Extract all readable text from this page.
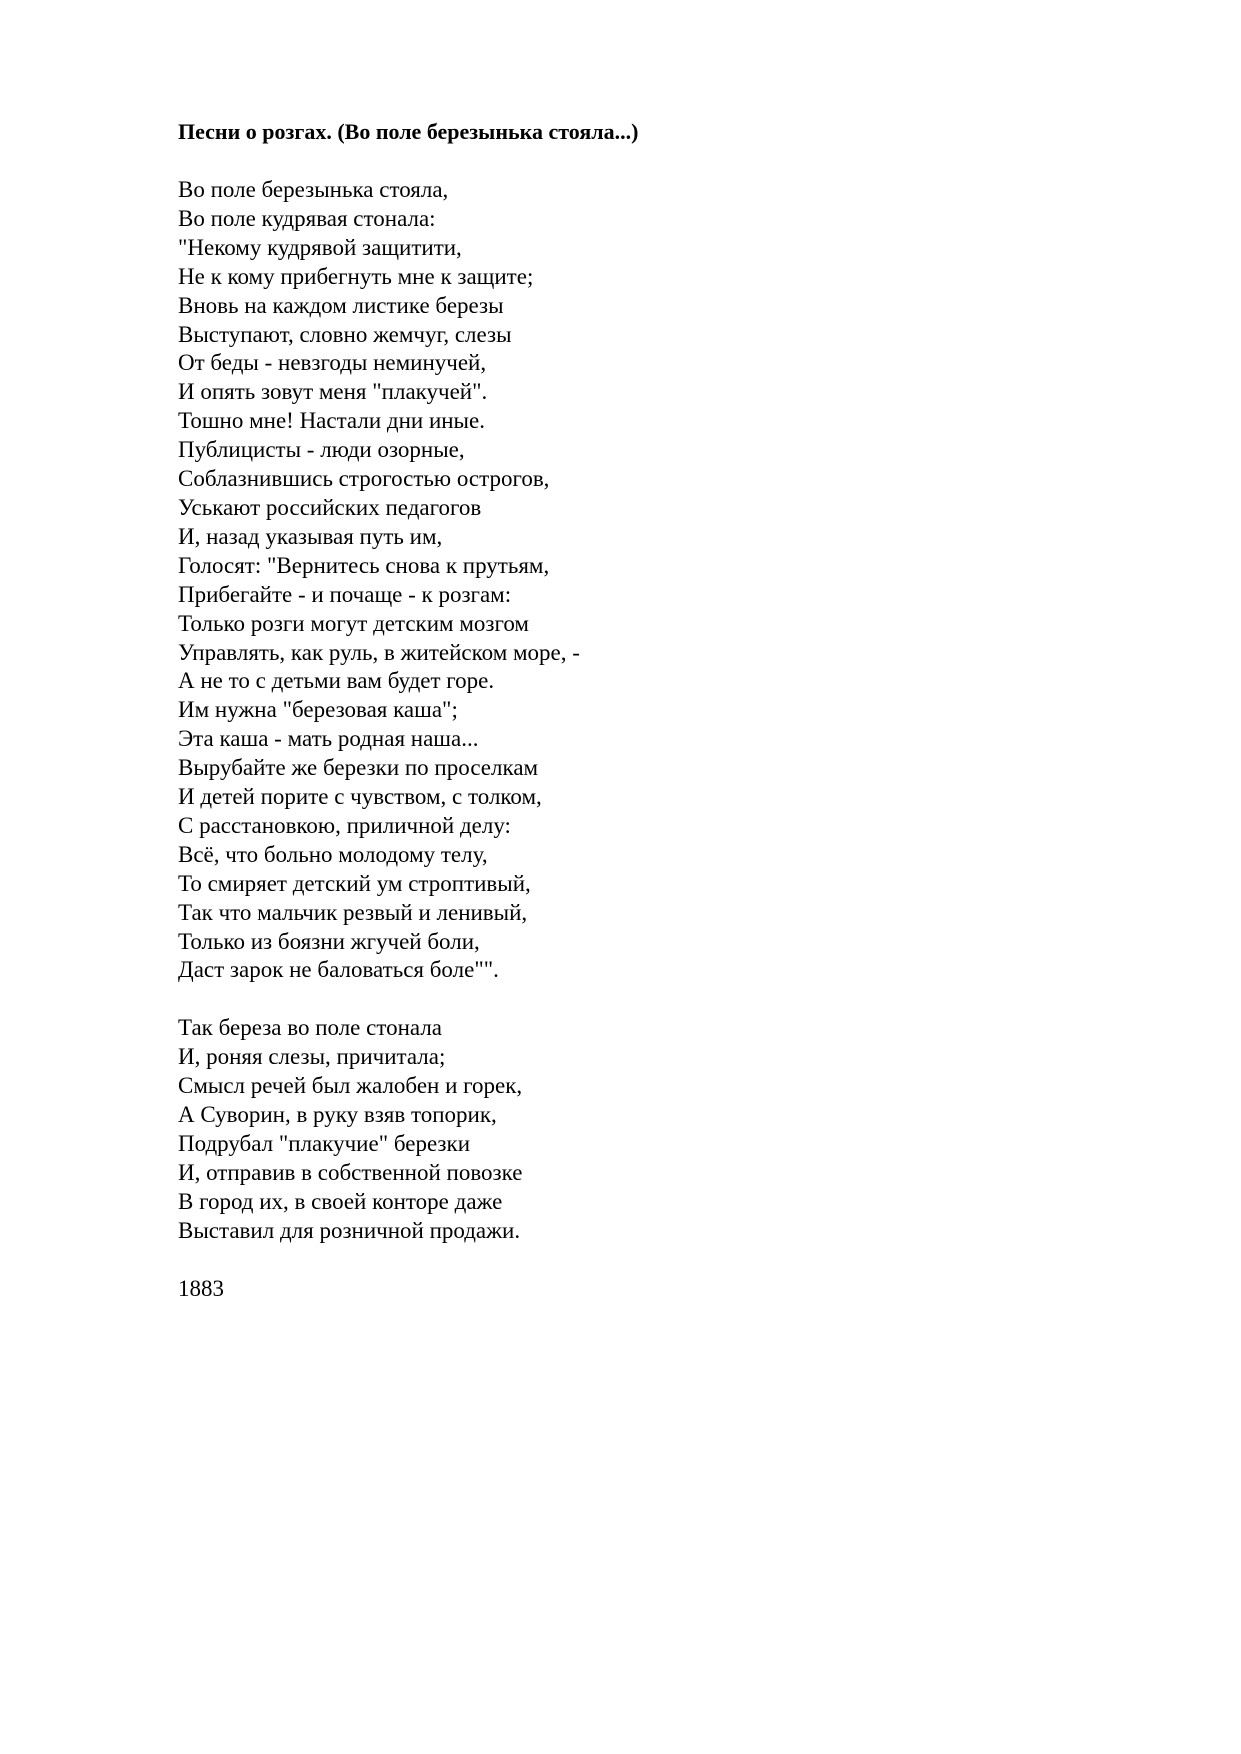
Песни о розгах. (Во поле березынька стояла...)
Во поле березынька стояла,
Во поле кудрявая стонала:
"Некому кудрявой защитити,
Не к кому прибегнуть мне к защите;
Вновь на каждом листике березы
Выступают, словно жемчуг, слезы
От беды - невзгоды неминучей,
И опять зовут меня "плакучей".
Тошно мне! Настали дни иные.
Публицисты - люди озорные,
Соблазнившись строгостью острогов,
Уськают российских педагогов
И, назад указывая путь им,
Голосят: "Вернитесь снова к прутьям,
Прибегайте - и почаще - к розгам:
Только розги могут детским мозгом
Управлять, как руль, в житейском море, -
А не то с детьми вам будет горе.
Им нужна "березовая каша";
Эта каша - мать родная наша...
Вырубайте же березки по проселкам
И детей порите с чувством, с толком,
С расстановкою, приличной делу:
Всё, что больно молодому телу,
То смиряет детский ум строптивый,
Так что мальчик резвый и ленивый,
Только из боязни жгучей боли,
Даст зарок не баловаться боле"".
Так береза во поле стонала
И, роняя слезы, причитала;
Смысл речей был жалобен и горек,
А Суворин, в руку взяв топорик,
Подрубал "плакучие" березки
И, отправив в собственной повозке
В город их, в своей конторе даже
Выставил для розничной продажи.
1883
